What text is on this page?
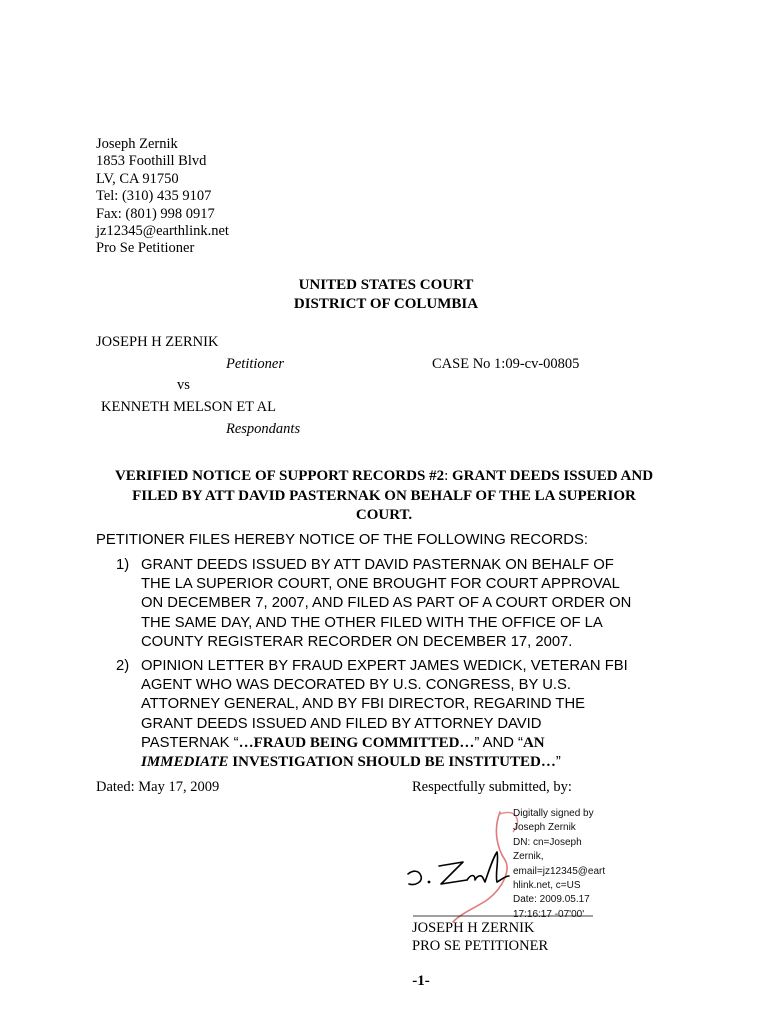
Joseph Zernik
1853 Foothill Blvd
LV, CA 91750
Tel: (310) 435 9107
Fax: (801) 998 0917
jz12345@earthlink.net
Pro Se Petitioner
UNITED STATES COURT
DISTRICT OF COLUMBIA
JOSEPH H ZERNIK
Petitioner	CASE No 1:09-cv-00805
vs
KENNETH MELSON ET AL
Respondants
VERIFIED NOTICE OF SUPPORT RECORDS #2: GRANT DEEDS ISSUED AND FILED BY ATT DAVID PASTERNAK ON BEHALF OF THE LA SUPERIOR COURT.
PETITIONER FILES HEREBY NOTICE OF THE FOLLOWING RECORDS:
1) GRANT DEEDS ISSUED BY ATT DAVID PASTERNAK ON BEHALF OF
THE LA SUPERIOR COURT, ONE BROUGHT FOR COURT APPROVAL
ON DECEMBER 7, 2007, AND FILED AS PART OF A COURT ORDER ON
THE SAME DAY, AND THE OTHER FILED WITH THE OFFICE OF LA
COUNTY REGISTERAR RECORDER ON DECEMBER 17, 2007.
2) OPINION LETTER BY FRAUD EXPERT JAMES WEDICK, VETERAN FBI
AGENT WHO WAS DECORATED BY U.S. CONGRESS, BY U.S.
ATTORNEY GENERAL, AND BY FBI DIRECTOR, REGARIND THE
GRANT DEEDS ISSUED AND FILED BY ATTORNEY DAVID
PASTERNAK “…FRAUD BEING COMMITTED…” AND “AN
IMMEDIATE INVESTIGATION SHOULD BE INSTITUTED…”
Dated: May 17, 2009	Respectfully submitted, by:
Digitally signed by
Joseph Zernik
DN: cn=Joseph
Zernik,
email=jz12345@eart
hlink.net, c=US
Date: 2009.05.17
17:16:17 -07'00'
JOSEPH H ZERNIK
PRO SE PETITIONER
-1-
